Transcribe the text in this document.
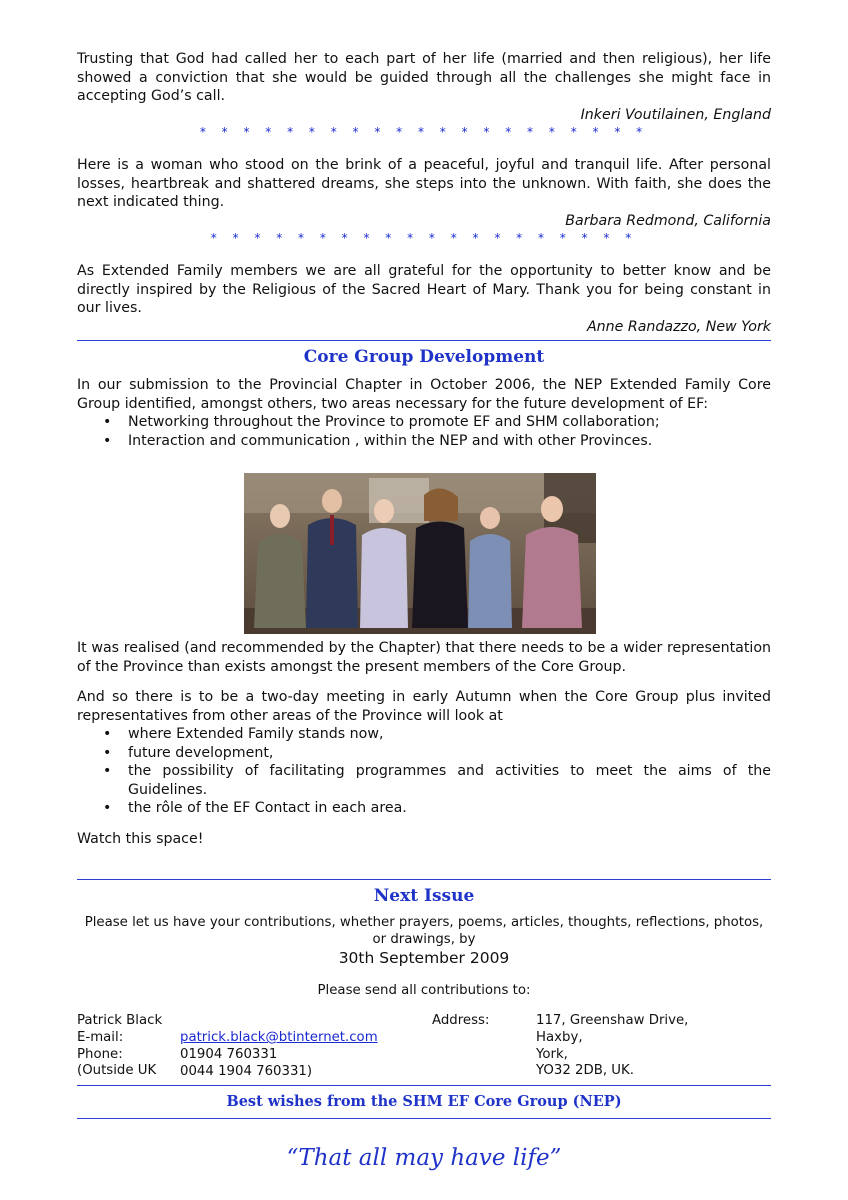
Trusting that God had called her to each part of her life (married and then religious), her life showed a conviction that she would be guided through all the challenges she might face in accepting God’s call.

Inkeri Voutilainen, England
* * * * * * * * * * * * * * * * * * * * *

Here is a woman who stood on the brink of a peaceful, joyful and tranquil life. After personal losses, heartbreak and shattered dreams, she steps into the unknown. With faith, she does the next indicated thing.

Barbara Redmond, California
* * * * * * * * * * * * * * * * * * * *

As Extended Family members we are all grateful for the opportunity to better know and be directly inspired by the Religious of the Sacred Heart of Mary. Thank you for being constant in our lives.

Anne Randazzo, New York
Core Group Development

In our submission to the Provincial Chapter in October 2006, the NEP Extended Family Core Group identified, amongst others, two areas necessary for the future development of EF:

• Networking throughout the Province to promote EF and SHM collaboration;
• Interaction and communication , within the NEP and with other Provinces.

It was realised (and recommended by the Chapter) that there needs to be a wider representation of the Province than exists amongst the present members of the Core Group.

And so there is to be a two-day meeting in early Autumn when the Core Group plus invited representatives from other areas of the Province will look at

• where Extended Family stands now,
• future development,
• the possibility of facilitating programmes and activities to meet the aims of the Guidelines.
• the rôle of the EF Contact in each area.

Watch this space!

Next Issue
Please let us have your contributions, whether prayers, poems, articles, thoughts, reflections, photos, or drawings, by
30th September 2009
Please send all contributions to:
Patrick Black
E-mail:
Phone:
(Outside UK
patrick.black@btinternet.com
01904 760331
0044 1904 760331)
Address:	117, Greenshaw Drive,
Haxby,
York,
YO32 2DB, UK.
Best wishes from the SHM EF Core Group (NEP)
“That all may have life”
